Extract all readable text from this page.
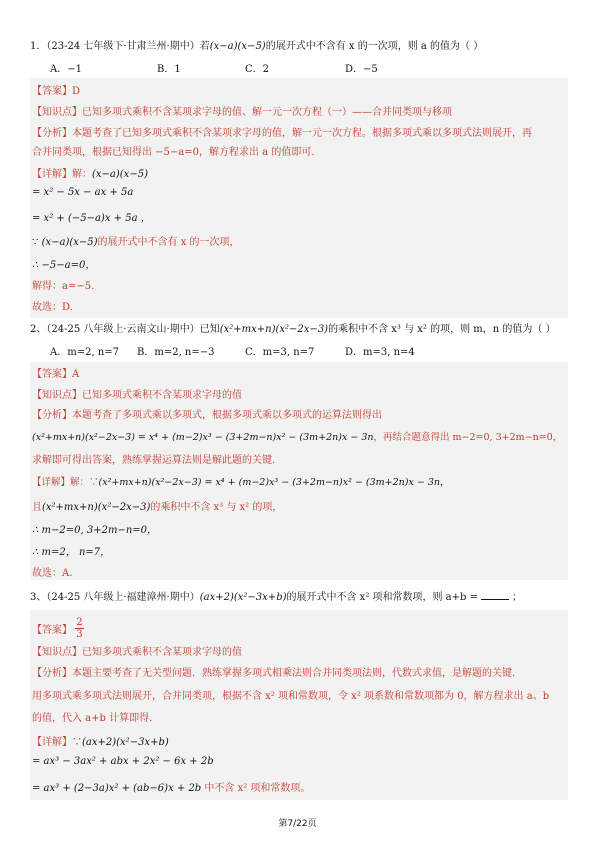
1．（23-24 七年级下·甘肃兰州·期中）若(x−a)(x−5)的展开式中不含有 x 的一次项，则 a 的值为（ ）
A．−1	B．1	C．2	D．−5
【答案】D
【知识点】已知多项式乘积不含某项求字母的值、解一元一次方程（一）——合并同类项与移项
【分析】本题考查了已知多项式乘积不含某项求字母的值，解一元一次方程。根据多项式乘以多项式法则展开，再
合并同类项，根据已知得出 −5−a=0，解方程求出 a 的值即可.
【详解】解：(x−a)(x−5)
= x² − 5x − ax + 5a
= x² + (−5−a)x + 5a ，
∵ (x−a)(x−5)的展开式中不含有 x 的一次项，
∴ −5−a=0，
解得：a=−5.
故选：D.
2、（24-25 八年级上·云南文山·期中）已知(x²+mx+n)(x²−2x−3)的乘积中不含 x³ 与 x² 的项，则 m，n 的值为（ ）
A．m=2, n=7 B．m=2, n=−3	C．m=3, n=7	D．m=3, n=4
【答案】A
【知识点】已知多项式乘积不含某项求字母的值
【分析】本题考查了多项式乘以多项式，根据多项式乘以多项式的运算法则得出
(x²+mx+n)(x²−2x−3) = x⁴ + (m−2)x³ − (3+2m−n)x² − (3m+2n)x − 3n，再结合题意得出 m−2=0, 3+2m−n=0，
求解即可得出答案，熟练掌握运算法则是解此题的关键.
【详解】解：∵(x²+mx+n)(x²−2x−3) = x⁴ + (m−2)x³ − (3+2m−n)x² − (3m+2n)x − 3n，
且(x²+mx+n)(x²−2x−3)的乘积中不含 x³ 与 x² 的项，
∴ m−2=0, 3+2m−n=0，
∴ m=2， n=7，
故选：A.
3、（24-25 八年级上·福建漳州·期中）(ax+2)(x²−3x+b)的展开式中不含 x² 项和常数项，则 a+b =	；
【答案】 $\frac{2}{3}$
【知识点】已知多项式乘积不含某项求字母的值
【分析】本题主要考查了无关型问题．熟练掌握多项式相乘法则合并同类项法则，代数式求值，是解题的关键．
用多项式乘多项式法则展开，合并同类项，根据不含 x² 项和常数项，令 x² 项系数和常数项都为 0，解方程求出 a、b
的值，代入 a+b 计算即得.
【详解】∵(ax+2)(x²−3x+b)
= ax³ − 3ax² + abx + 2x² − 6x + 2b
= ax³ + (2−3a)x² + (ab−6)x + 2b 中不含 x² 项和常数项。
第7/22页
